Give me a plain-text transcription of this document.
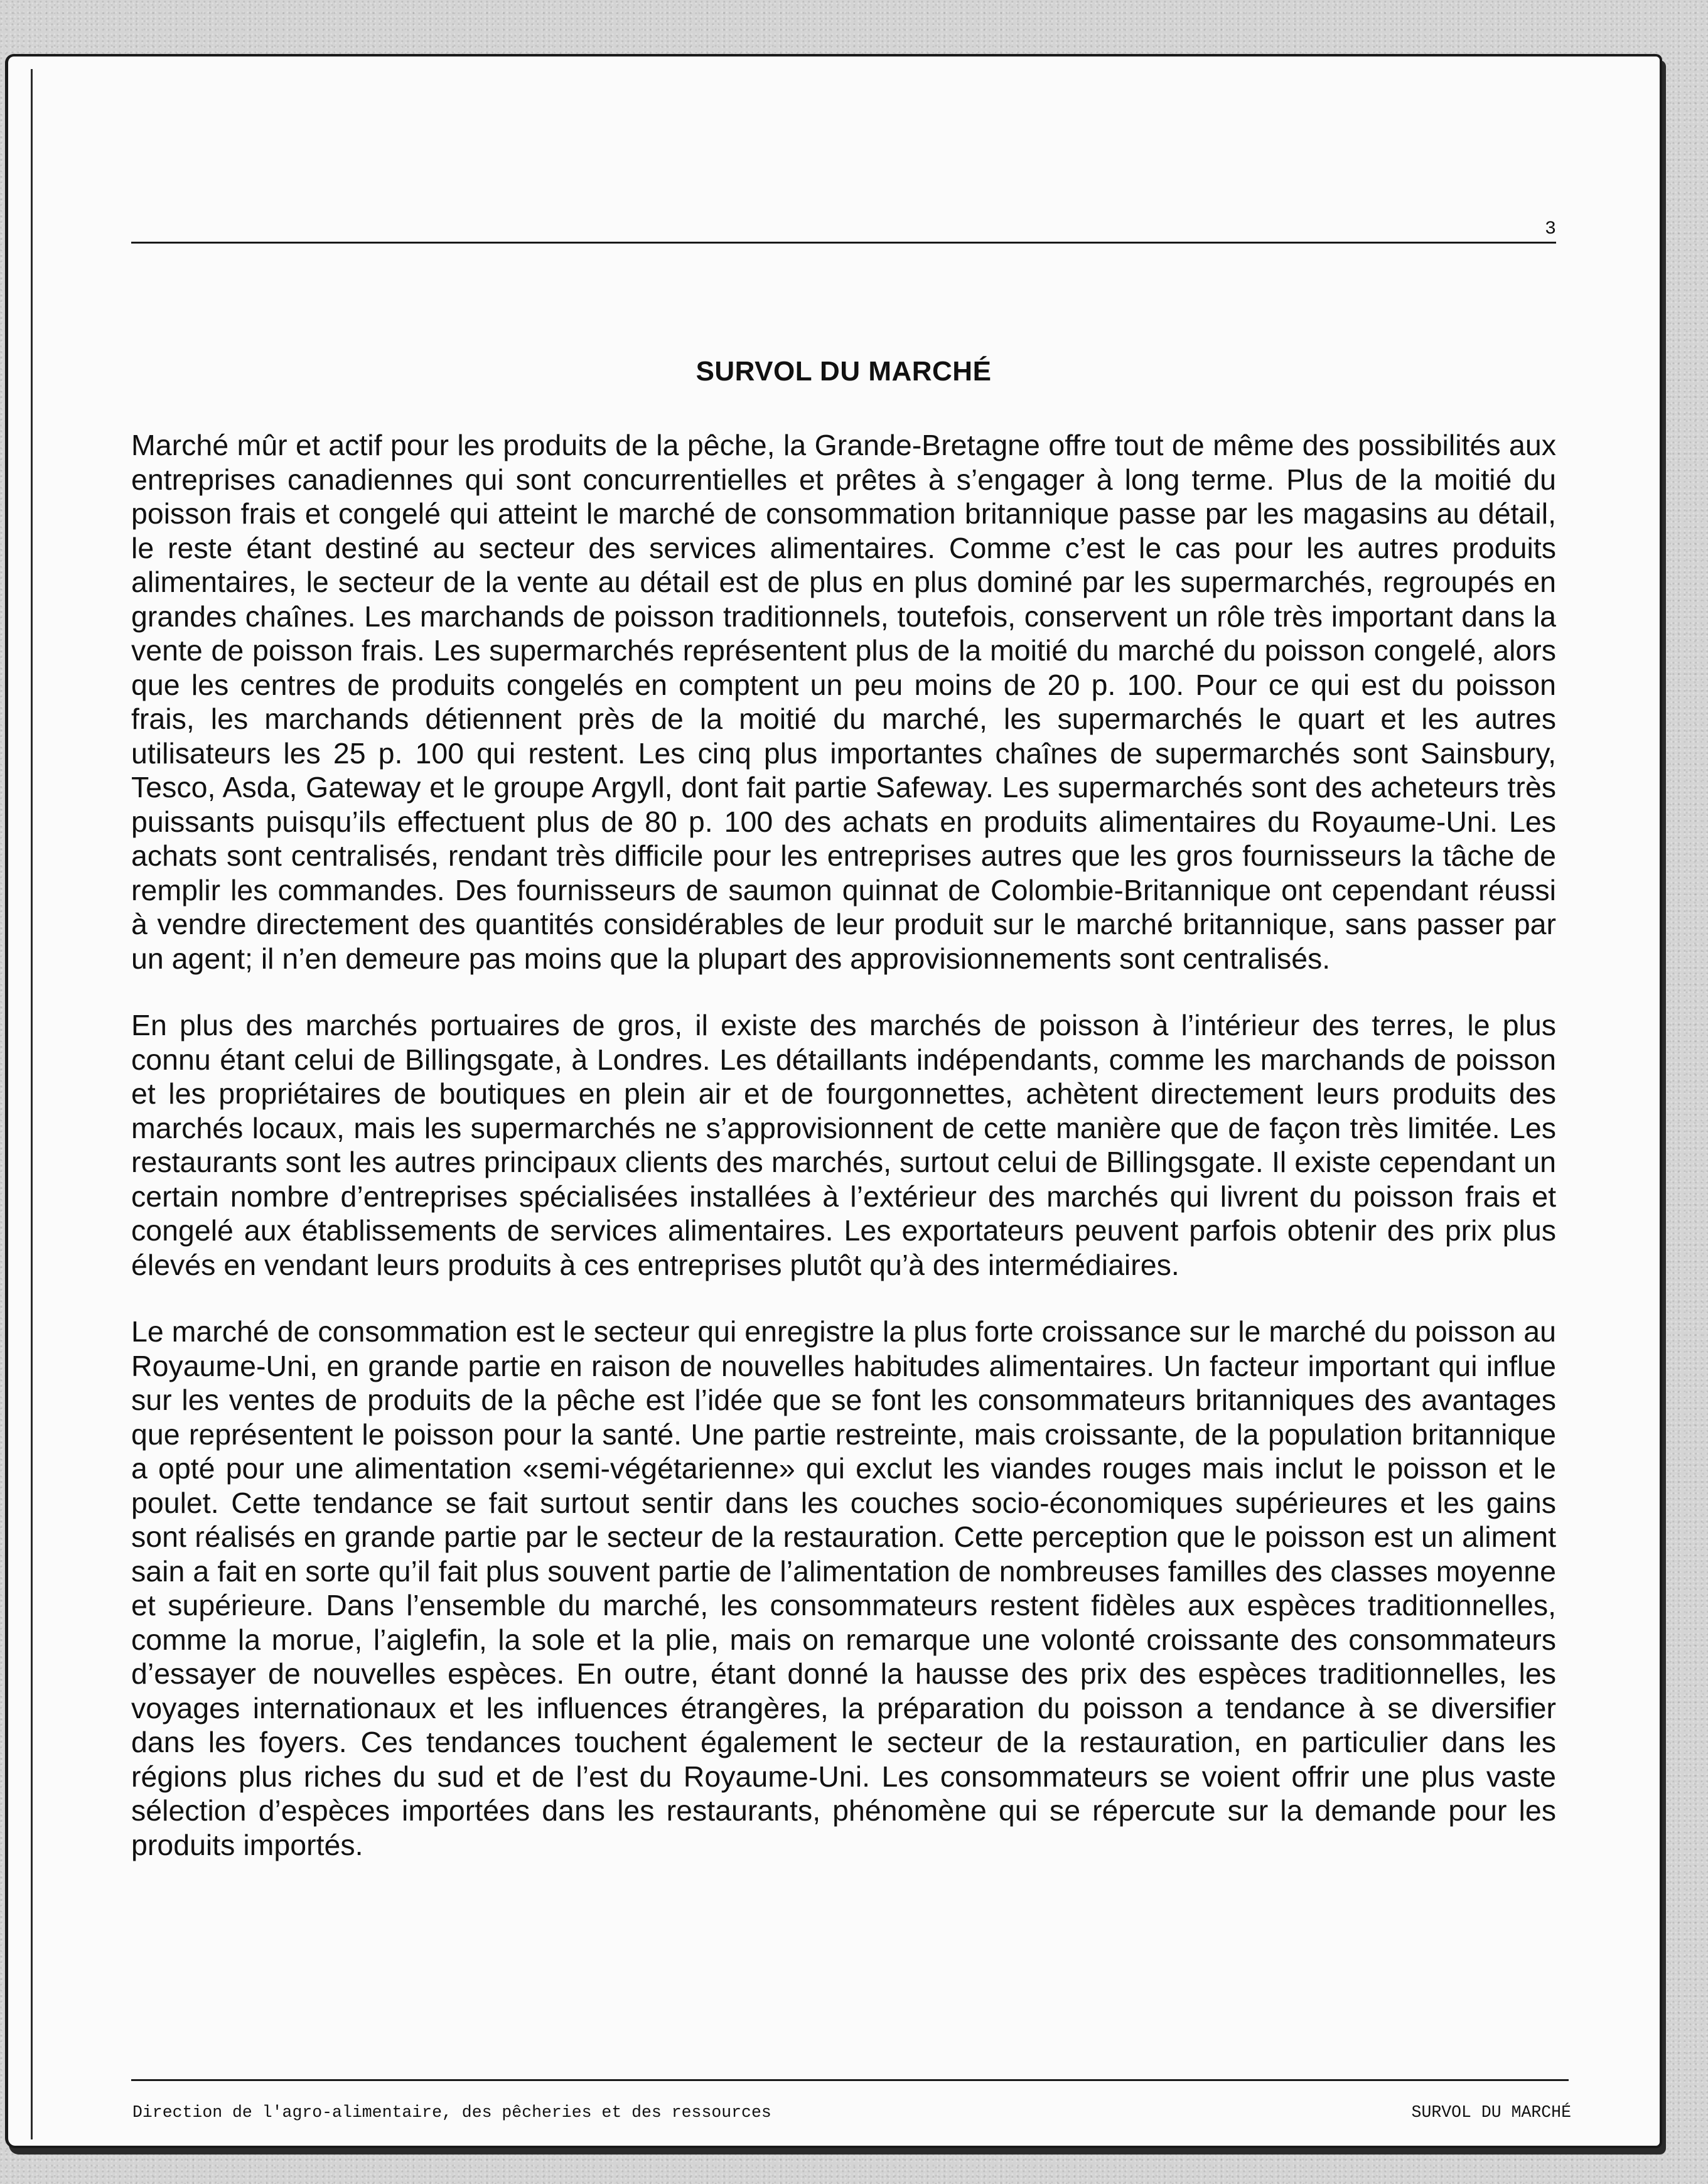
3
SURVOL DU MARCHÉ

Marché mûr et actif pour les produits de la pêche, la Grande-Bretagne offre tout de même des possibilités aux entreprises canadiennes qui sont concurrentielles et prêtes à s’engager à long terme. Plus de la moitié du poisson frais et congelé qui atteint le marché de consommation britannique passe par les magasins au détail, le reste étant destiné au secteur des services alimentaires. Comme c’est le cas pour les autres produits alimentaires, le secteur de la vente au détail est de plus en plus dominé par les supermarchés, regroupés en grandes chaînes. Les marchands de poisson traditionnels, toutefois, conservent un rôle très important dans la vente de poisson frais. Les supermarchés représentent plus de la moitié du marché du poisson congelé, alors que les centres de produits congelés en comptent un peu moins de 20 p. 100. Pour ce qui est du poisson frais, les marchands détiennent près de la moitié du marché, les supermarchés le quart et les autres utilisateurs les 25 p. 100 qui restent. Les cinq plus importantes chaînes de supermarchés sont Sainsbury, Tesco, Asda, Gateway et le groupe Argyll, dont fait partie Safeway. Les supermarchés sont des acheteurs très puissants puisqu’ils effectuent plus de 80 p. 100 des achats en produits alimentaires du Royaume-Uni. Les achats sont centralisés, rendant très difficile pour les entreprises autres que les gros fournisseurs la tâche de remplir les commandes. Des fournisseurs de saumon quinnat de Colombie-Britannique ont cependant réussi à vendre directement des quantités considérables de leur produit sur le marché britannique, sans passer par un agent; il n’en demeure pas moins que la plupart des approvisionnements sont centralisés.

En plus des marchés portuaires de gros, il existe des marchés de poisson à l’intérieur des terres, le plus connu étant celui de Billingsgate, à Londres. Les détaillants indépendants, comme les marchands de poisson et les propriétaires de boutiques en plein air et de fourgonnettes, achètent directement leurs produits des marchés locaux, mais les supermarchés ne s’approvisionnent de cette manière que de façon très limitée. Les restaurants sont les autres principaux clients des marchés, surtout celui de Billingsgate. Il existe cependant un certain nombre d’entreprises spécialisées installées à l’extérieur des marchés qui livrent du poisson frais et congelé aux établissements de services alimentaires. Les exportateurs peuvent parfois obtenir des prix plus élevés en vendant leurs produits à ces entreprises plutôt qu’à des intermédiaires.

Le marché de consommation est le secteur qui enregistre la plus forte croissance sur le marché du poisson au Royaume-Uni, en grande partie en raison de nouvelles habitudes alimentaires. Un facteur important qui influe sur les ventes de produits de la pêche est l’idée que se font les consommateurs britanniques des avantages que représentent le poisson pour la santé. Une partie restreinte, mais croissante, de la population britannique a opté pour une alimentation «semi-végétarienne» qui exclut les viandes rouges mais inclut le poisson et le poulet. Cette tendance se fait surtout sentir dans les couches socio-économiques supérieures et les gains sont réalisés en grande partie par le secteur de la restauration. Cette perception que le poisson est un aliment sain a fait en sorte qu’il fait plus souvent partie de l’alimentation de nombreuses familles des classes moyenne et supérieure. Dans l’ensemble du marché, les consommateurs restent fidèles aux espèces traditionnelles, comme la morue, l’aiglefin, la sole et la plie, mais on remarque une volonté croissante des consommateurs d’essayer de nouvelles espèces. En outre, étant donné la hausse des prix des espèces traditionnelles, les voyages internationaux et les influences étrangères, la préparation du poisson a tendance à se diversifier dans les foyers. Ces tendances touchent également le secteur de la restauration, en particulier dans les régions plus riches du sud et de l’est du Royaume-Uni. Les consommateurs se voient offrir une plus vaste sélection d’espèces importées dans les restaurants, phénomène qui se répercute sur la demande pour les produits importés.

Direction de l'agro-alimentaire, des pêcheries et des ressources	SURVOL DU MARCHÉ
